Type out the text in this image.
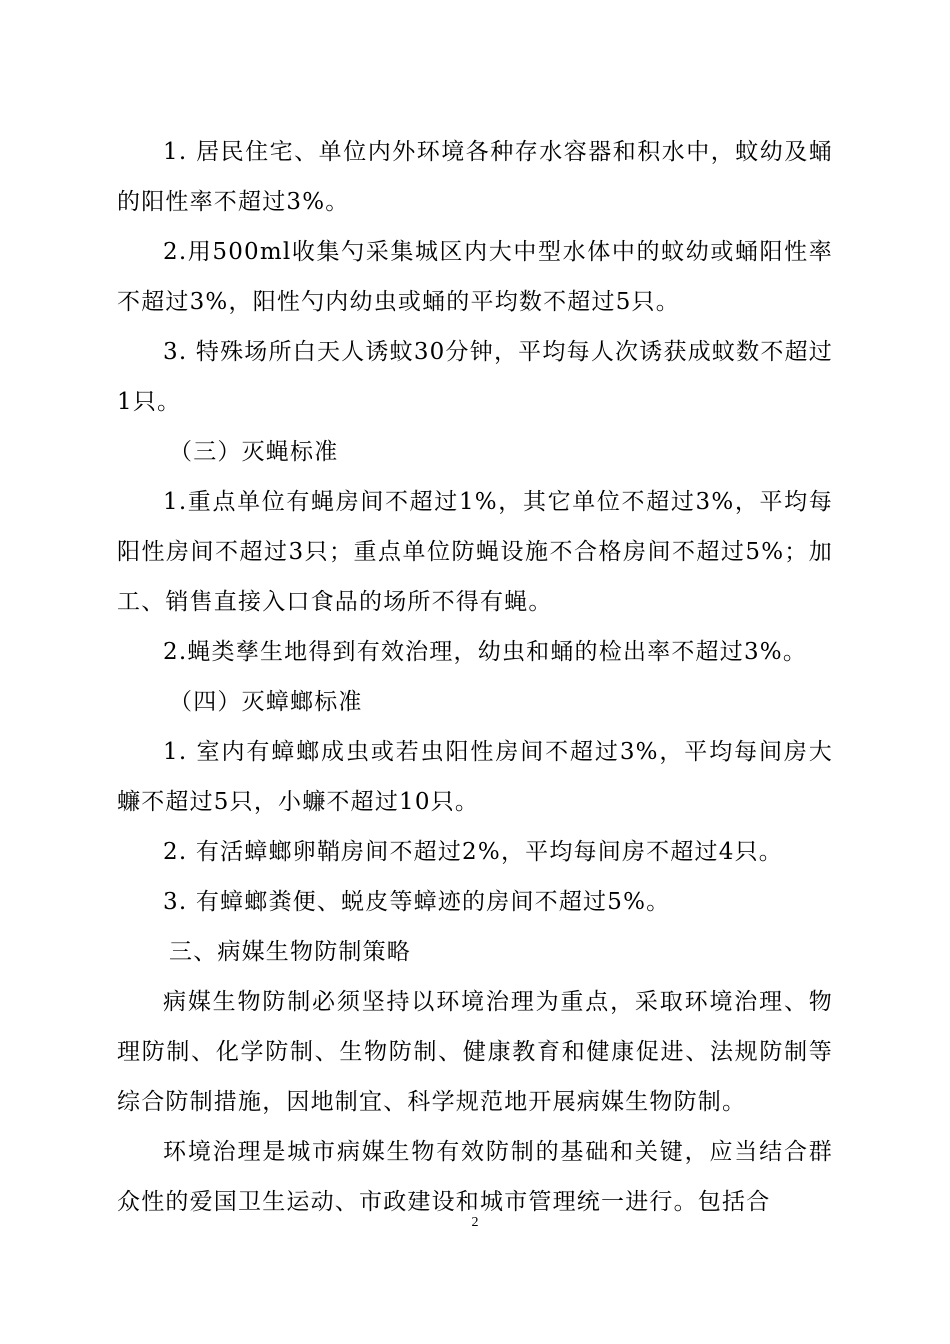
1. 居民住宅、单位内外环境各种存水容器和积水中，蚊幼及蛹的阳性率不超过3%。

2.用500ml收集勺采集城区内大中型水体中的蚊幼或蛹阳性率不超过3%，阳性勺内幼虫或蛹的平均数不超过5只。

3. 特殊场所白天人诱蚊30分钟，平均每人次诱获成蚊数不超过1只。

（三）灭蝇标准

1.重点单位有蝇房间不超过1%，其它单位不超过3%，平均每阳性房间不超过3只；重点单位防蝇设施不合格房间不超过5%；加工、销售直接入口食品的场所不得有蝇。

2.蝇类孳生地得到有效治理，幼虫和蛹的检出率不超过3%。

（四）灭蟑螂标准

1. 室内有蟑螂成虫或若虫阳性房间不超过3%，平均每间房大蠊不超过5只，小蠊不超过10只。

2. 有活蟑螂卵鞘房间不超过2%，平均每间房不超过4只。

3. 有蟑螂粪便、蜕皮等蟑迹的房间不超过5%。

三、病媒生物防制策略

病媒生物防制必须坚持以环境治理为重点，采取环境治理、物理防制、化学防制、生物防制、健康教育和健康促进、法规防制等综合防制措施，因地制宜、科学规范地开展病媒生物防制。

环境治理是城市病媒生物有效防制的基础和关键，应当结合群众性的爱国卫生运动、市政建设和城市管理统一进行。包括合

2
